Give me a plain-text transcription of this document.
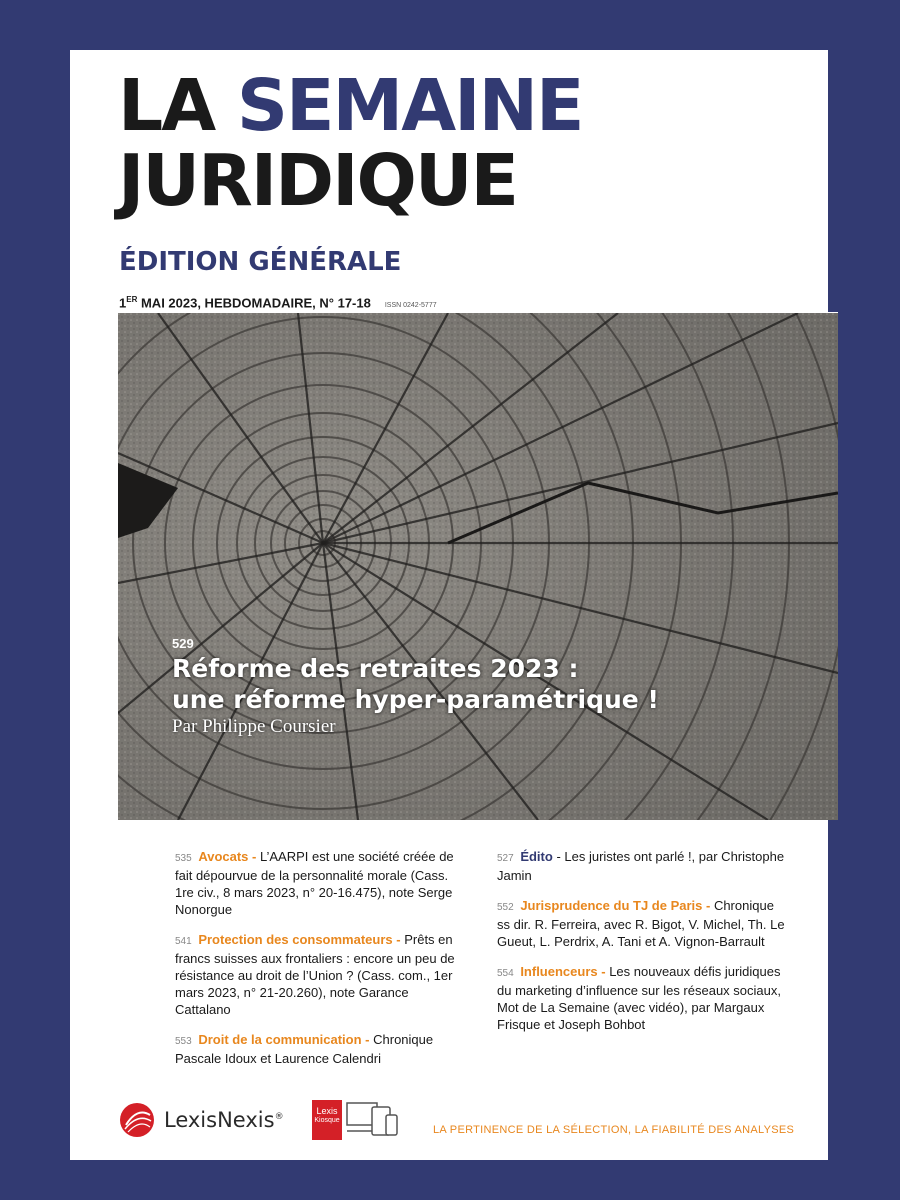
LA SEMAINE
JURIDIQUE
ÉDITION GÉNÉRALE
1ER MAI 2023, HEBDOMADAIRE, N° 17-18 ISSN 0242-5777
529
Réforme des retraites 2023 :
une réforme hyper-paramétrique !
Par Philippe Coursier
535 Avocats - L’AARPI est une société créée de fait dépourvue de la personnalité morale (Cass. 1re civ., 8 mars 2023, n° 20-16.475), note Serge Nonorgue
541 Protection des consommateurs - Prêts en francs suisses aux frontaliers : encore un peu de résistance au droit de l’Union ? (Cass. com., 1er mars 2023, n° 21-20.260), note Garance Cattalano
553 Droit de la communication - Chronique Pascale Idoux et Laurence Calendri
527 Édito - Les juristes ont parlé !, par Christophe Jamin
552 Jurisprudence du TJ de Paris - Chronique ss dir. R. Ferreira, avec R. Bigot, V. Michel, Th. Le Gueut, L. Perdrix, A. Tani et A. Vignon-Barrault
554 Influenceurs - Les nouveaux défis juridiques du marketing d’influence sur les réseaux sociaux, Mot de La Semaine (avec vidéo), par Margaux Frisque et Joseph Bohbot
LexisNexis®
Lexis
Kiosque
LA PERTINENCE DE LA SÉLECTION, LA FIABILITÉ DES ANALYSES
